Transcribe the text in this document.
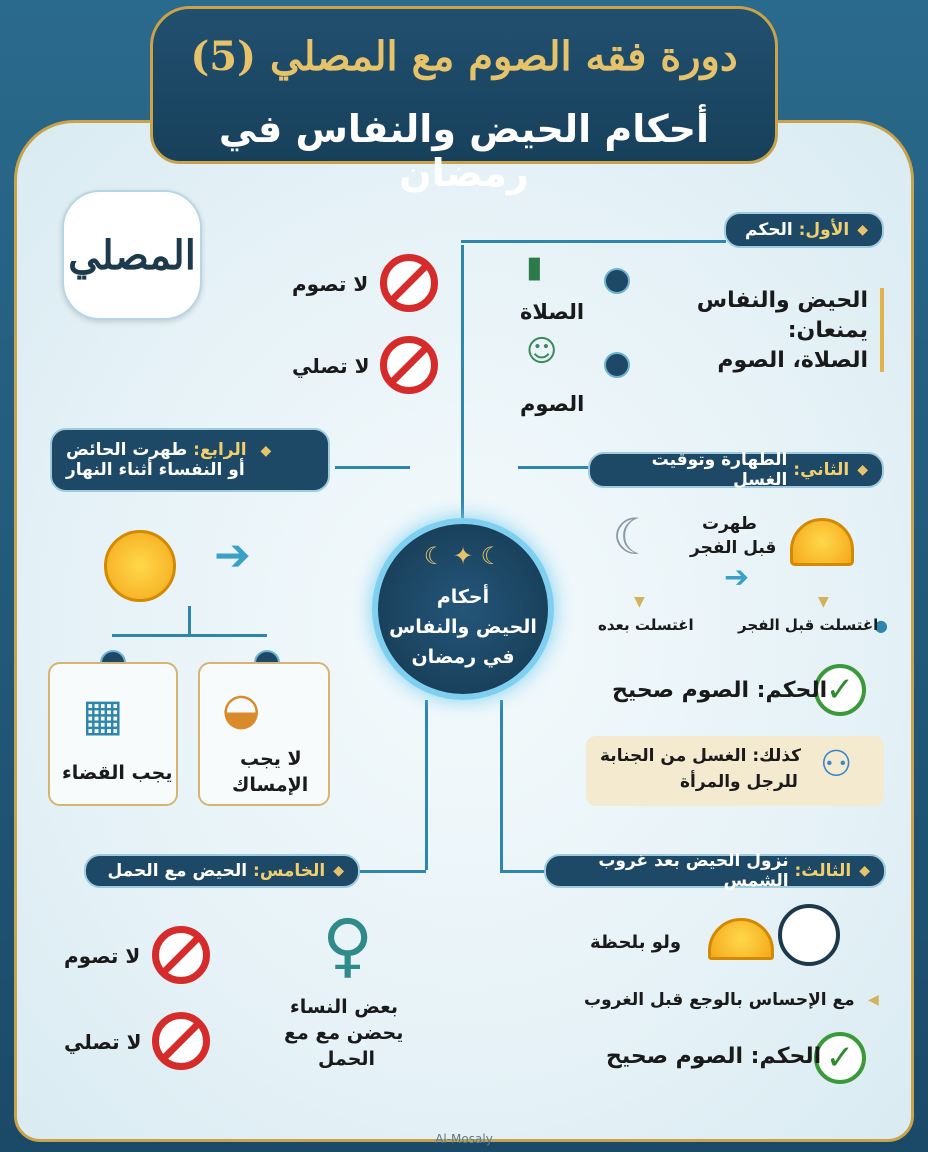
دورة فقه الصوم مع المصلي (5)
أحكام الحيض والنفاس في رمضان
المصلي
◆
الأول:

الحكم
الحيض والنفاس
يمنعان:
الصلاة، الصوم
▮
الصلاة
☺
الصوم
لا تصوم
لا تصلي
☾ ✦ ☾
أحكام
الحيض والنفاس
في رمضان
◆ الرابع: طهرت الحائض
أو النفساء أثناء النهار
➔
▦
يجب القضاء
◒
لا يجب
الإمساك
◆
الثاني:

الطهارة وتوقيت الغسل
☾	طهرت
قبل الفجر
➔
▼	▼
اغتسلت بعده	●
اغتسلت قبل الفجر
✓
الحكم: الصوم صحيح
⚇
كذلك: الغسل من الجنابة
للرجل والمرأة
◆
الخامس:

الحيض مع الحمل
♀
بعض النساء
يحضن مع مع
الحمل
لا تصوم
لا تصلي
◆
الثالث:

نزول الحيض بعد غروب الشمس
ولو بلحظة
◀
مع الإحساس بالوجع قبل الغروب
✓
الحكم: الصوم صحيح
Al-Mosaly
